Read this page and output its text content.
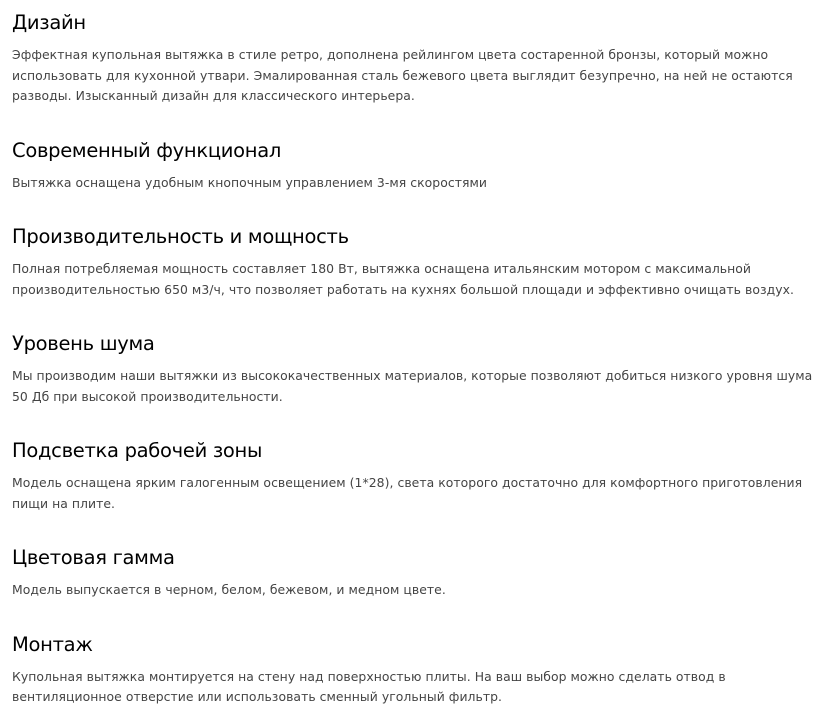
Дизайн

Эффектная купольная вытяжка в стиле ретро, дополнена рейлингом цвета состаренной бронзы, который можно использовать для кухонной утвари. Эмалированная сталь бежевого цвета выглядит безупречно, на ней не остаются разводы. Изысканный дизайн для классического интерьера.

Современный функционал

Вытяжка оснащена удобным кнопочным управлением 3-мя скоростями

Производительность и мощность

Полная потребляемая мощность составляет 180 Вт, вытяжка оснащена итальянским мотором с максимальной производительностью 650 м3/ч, что позволяет работать на кухнях большой площади и эффективно очищать воздух.

Уровень шума

Мы производим наши вытяжки из высококачественных материалов, которые позволяют добиться низкого уровня шума 50 Дб при высокой производительности.

Подсветка рабочей зоны

Модель оснащена ярким галогенным освещением (1*28), света которого достаточно для комфортного приготовления пищи на плите.

Цветовая гамма

Модель выпускается в черном, белом, бежевом, и медном цвете.

Монтаж

Купольная вытяжка монтируется на стену над поверхностью плиты. На ваш выбор можно сделать отвод в вентиляционное отверстие или использовать сменный угольный фильтр.
